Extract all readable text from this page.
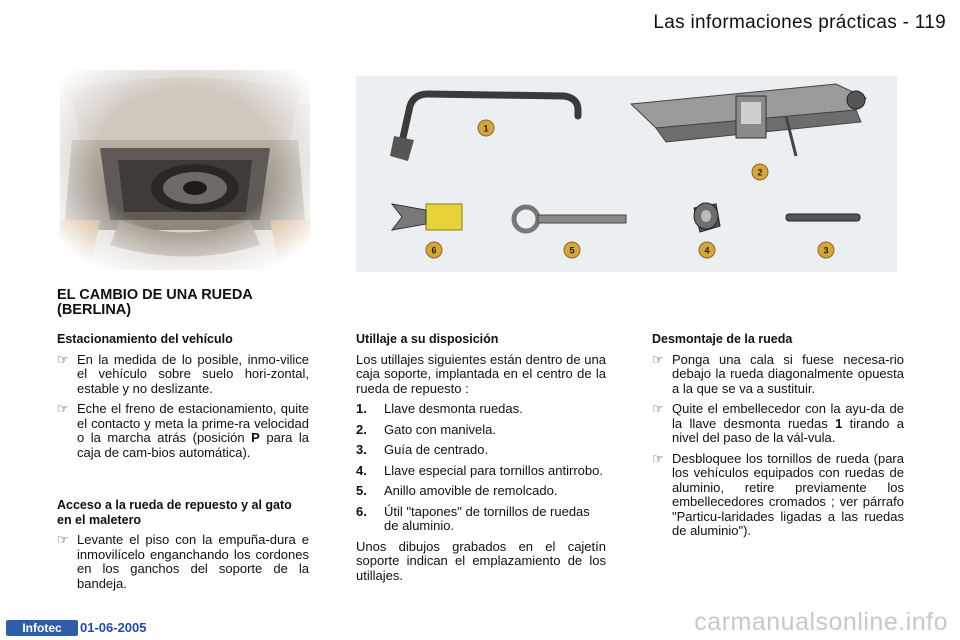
Las informaciones prácticas - 119
1
2
6	5	4	3
EL CAMBIO DE UNA RUEDA (BERLINA)
Estacionamiento del vehículo
☞ En la medida de lo posible, inmo-vilice el vehículo sobre suelo hori-zontal, estable y no deslizante.
☞ Eche el freno de estacionamiento, quite el contacto y meta la prime-ra velocidad o la marcha atrás (posición P para la caja de cam-bios automática).
Acceso a la rueda de repuesto y al gato en el maletero
☞ Levante el piso con la empuña-dura e inmovilícelo enganchando los cordones en los ganchos del soporte de la bandeja.
Utillaje a su disposición

Los utillajes siguientes están dentro de una caja soporte, implantada en el centro de la rueda de repuesto :

1. Llave desmonta ruedas.
2. Gato con manivela.
3. Guía de centrado.
4. Llave especial para tornillos antirrobo.
5. Anillo amovible de remolcado.
6. Útil "tapones" de tornillos de ruedas de aluminio.

Unos dibujos grabados en el cajetín soporte indican el emplazamiento de los utillajes.

Desmontaje de la rueda
☞ Ponga una cala si fuese necesa-rio debajo la rueda diagonalmente opuesta a la que se va a sustituir.
☞ Quite el embellecedor con la ayu-da de la llave desmonta ruedas 1 tirando a nivel del paso de la vál-vula.
☞ Desbloquee los tornillos de rueda (para los vehículos equipados con ruedas de aluminio, retire previamente los embellecedores cromados ; ver párrafo "Particu-laridades ligadas a las ruedas de aluminio").
Infotec	01-06-2005	carmanualsonline.info
